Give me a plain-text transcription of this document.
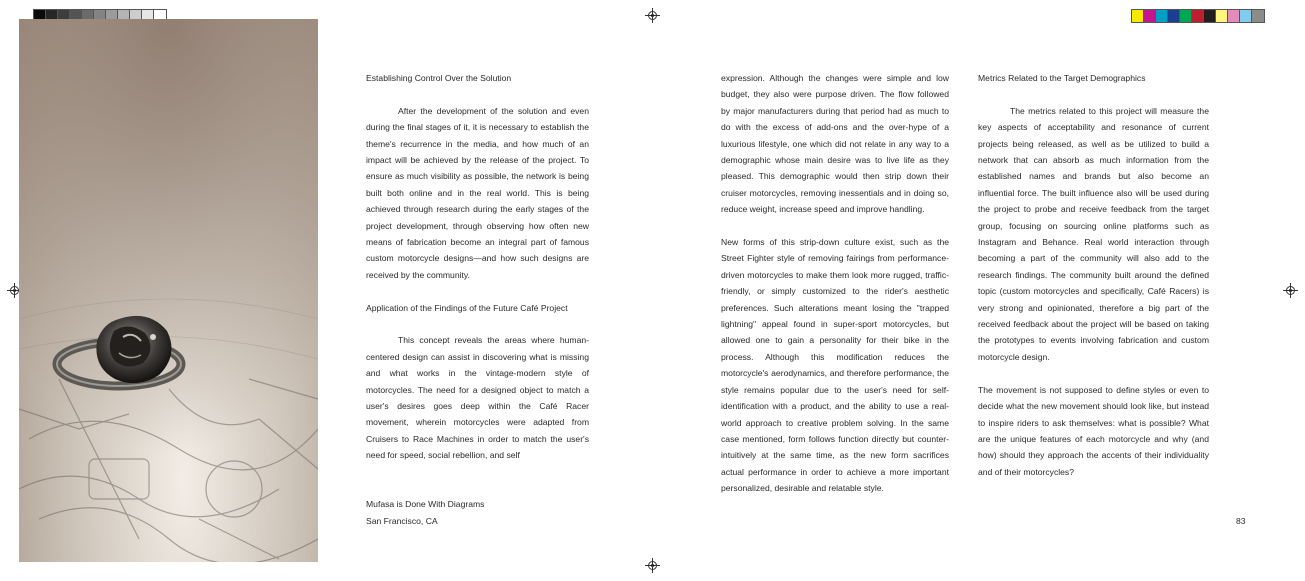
Establishing Control Over the Solution

After the development of the solution and even during the final stages of it, it is necessary to establish the theme's recurrence in the media, and how much of an impact will be achieved by the release of the project. To ensure as much visibility as possible, the network is being built both online and in the real world. This is being achieved through research during the early stages of the project development, through observing how often new means of fabrication become an integral part of famous custom motorcycle designs—and how such designs are received by the community.

Application of the Findings of the Future Café Project

This concept reveals the areas where human-centered design can assist in discovering what is missing and what works in the vintage-modern style of motorcycles. The need for a designed object to match a user's desires goes deep within the Café Racer movement, wherein motorcycles were adapted from Cruisers to Race Machines in order to match the user's need for speed, social rebellion, and self

Mufasa is Done With Diagrams

San Francisco, CA

expression. Although the changes were simple and low budget, they also were purpose driven. The flow followed by major manufacturers during that period had as much to do with the excess of add-ons and the over-hype of a luxurious lifestyle, one which did not relate in any way to a demographic whose main desire was to live life as they pleased. This demographic would then strip down their cruiser motorcycles, removing inessentials and in doing so, reduce weight, increase speed and improve handling.

New forms of this strip-down culture exist, such as the Street Fighter style of removing fairings from performance-driven motorcycles to make them look more rugged, traffic-friendly, or simply customized to the rider's aesthetic preferences. Such alterations meant losing the "trapped lightning" appeal found in super-sport motorcycles, but allowed one to gain a personality for their bike in the process. Although this modification reduces the motorcycle's aerodynamics, and therefore performance, the style remains popular due to the user's need for self-identification with a product, and the ability to use a real-world approach to creative problem solving. In the same case mentioned, form follows function directly but counter-intuitively at the same time, as the new form sacrifices actual performance in order to achieve a more important personalized, desirable and relatable style.

Metrics Related to the Target Demographics

The metrics related to this project will measure the key aspects of acceptability and resonance of current projects being released, as well as be utilized to build a network that can absorb as much information from the established names and brands but also become an influential force. The built influence also will be used during the project to probe and receive feedback from the target group, focusing on sourcing online platforms such as Instagram and Behance. Real world interaction through becoming a part of the community will also add to the research findings. The community built around the defined topic (custom motorcycles and specifically, Café Racers) is very strong and opinionated, therefore a big part of the received feedback about the project will be based on taking the prototypes to events involving fabrication and custom motorcycle design.

The movement is not supposed to define styles or even to decide what the new movement should look like, but instead to inspire riders to ask themselves: what is possible? What are the unique features of each motorcycle and why (and how) should they approach the accents of their individuality and of their motorcycles?

83
